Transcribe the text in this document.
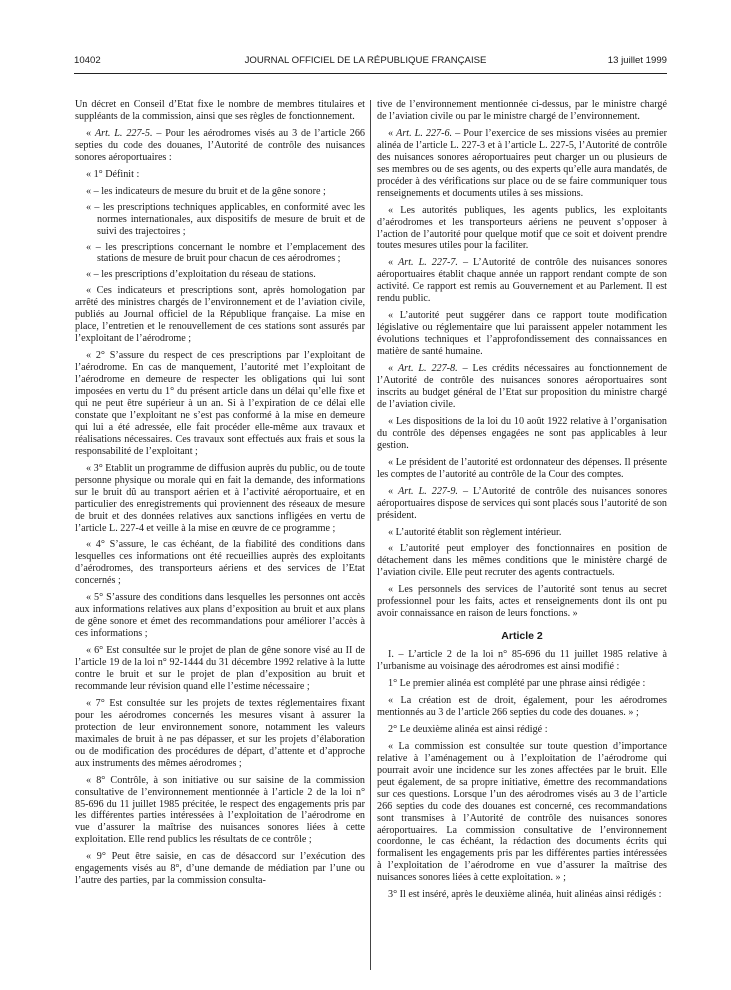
10402	JOURNAL OFFICIEL DE LA RÉPUBLIQUE FRANÇAISE	13 juillet 1999
Un décret en Conseil d’Etat fixe le nombre de membres titulaires et suppléants de la commission, ainsi que ses règles de fonctionnement.
« Art. L. 227-5. – Pour les aérodromes visés au 3 de l’article 266 septies du code des douanes, l’Autorité de contrôle des nuisances sonores aéroportuaires :
« 1° Définit :
« – les indicateurs de mesure du bruit et de la gêne sonore ;
« – les prescriptions techniques applicables, en conformité avec les normes internationales, aux dispositifs de mesure de bruit et de suivi des trajectoires ;
« – les prescriptions concernant le nombre et l’emplacement des stations de mesure de bruit pour chacun de ces aérodromes ;
« – les prescriptions d’exploitation du réseau de stations.
« Ces indicateurs et prescriptions sont, après homologation par arrêté des ministres chargés de l’environnement et de l’aviation civile, publiés au Journal officiel de la République française. La mise en place, l’entretien et le renouvellement de ces stations sont assurés par l’exploitant de l’aérodrome ;
« 2° S’assure du respect de ces prescriptions par l’exploitant de l’aérodrome. En cas de manquement, l’autorité met l’exploitant de l’aérodrome en demeure de respecter les obligations qui lui sont imposées en vertu du 1° du présent article dans un délai qu’elle fixe et qui ne peut être supérieur à un an. Si à l’expiration de ce délai elle constate que l’exploitant ne s’est pas conformé à la mise en demeure qui lui a été adressée, elle fait procéder elle-même aux travaux et réalisations nécessaires. Ces travaux sont effectués aux frais et sous la responsabilité de l’exploitant ;
« 3° Etablit un programme de diffusion auprès du public, ou de toute personne physique ou morale qui en fait la demande, des informations sur le bruit dû au transport aérien et à l’activité aéroportuaire, et en particulier des enregistrements qui proviennent des réseaux de mesure de bruit et des données relatives aux sanctions infligées en vertu de l’article L. 227-4 et veille à la mise en œuvre de ce programme ;
« 4° S’assure, le cas échéant, de la fiabilité des conditions dans lesquelles ces informations ont été recueillies auprès des exploitants d’aérodromes, des transporteurs aériens et des services de l’Etat concernés ;
« 5° S’assure des conditions dans lesquelles les personnes ont accès aux informations relatives aux plans d’exposition au bruit et aux plans de gêne sonore et émet des recommandations pour améliorer l’accès à ces informations ;
« 6° Est consultée sur le projet de plan de gêne sonore visé au II de l’article 19 de la loi n° 92-1444 du 31 décembre 1992 relative à la lutte contre le bruit et sur le projet de plan d’exposition au bruit et recommande leur révision quand elle l’estime nécessaire ;
« 7° Est consultée sur les projets de textes réglementaires fixant pour les aérodromes concernés les mesures visant à assurer la protection de leur environnement sonore, notamment les valeurs maximales de bruit à ne pas dépasser, et sur les projets d’élaboration ou de modification des procédures de départ, d’attente et d’approche aux instruments des mêmes aérodromes ;
« 8° Contrôle, à son initiative ou sur saisine de la commission consultative de l’environnement mentionnée à l’article 2 de la loi n° 85-696 du 11 juillet 1985 précitée, le respect des engagements pris par les différentes parties intéressées à l’exploitation de l’aérodrome en vue d’assurer la maîtrise des nuisances sonores liées à cette exploitation. Elle rend publics les résultats de ce contrôle ;
« 9° Peut être saisie, en cas de désaccord sur l’exécution des engagements visés au 8°, d’une demande de médiation par l’une ou l’autre des parties, par la commission consulta-
tive de l’environnement mentionnée ci-dessus, par le ministre chargé de l’aviation civile ou par le ministre chargé de l’environnement.
« Art. L. 227-6. – Pour l’exercice de ses missions visées au premier alinéa de l’article L. 227-3 et à l’article L. 227-5, l’Autorité de contrôle des nuisances sonores aéroportuaires peut charger un ou plusieurs de ses membres ou de ses agents, ou des experts qu’elle aura mandatés, de procéder à des vérifications sur place ou de se faire communiquer tous renseignements et documents utiles à ses missions.
« Les autorités publiques, les agents publics, les exploitants d’aérodromes et les transporteurs aériens ne peuvent s’opposer à l’action de l’autorité pour quelque motif que ce soit et doivent prendre toutes mesures utiles pour la faciliter.
« Art. L. 227-7. – L’Autorité de contrôle des nuisances sonores aéroportuaires établit chaque année un rapport rendant compte de son activité. Ce rapport est remis au Gouvernement et au Parlement. Il est rendu public.
« L’autorité peut suggérer dans ce rapport toute modification législative ou réglementaire que lui paraissent appeler notamment les évolutions techniques et l’approfondissement des connaissances en matière de santé humaine.
« Art. L. 227-8. – Les crédits nécessaires au fonctionnement de l’Autorité de contrôle des nuisances sonores aéroportuaires sont inscrits au budget général de l’Etat sur proposition du ministre chargé de l’aviation civile.
« Les dispositions de la loi du 10 août 1922 relative à l’organisation du contrôle des dépenses engagées ne sont pas applicables à leur gestion.
« Le président de l’autorité est ordonnateur des dépenses. Il présente les comptes de l’autorité au contrôle de la Cour des comptes.
« Art. L. 227-9. – L’Autorité de contrôle des nuisances sonores aéroportuaires dispose de services qui sont placés sous l’autorité de son président.
« L’autorité établit son règlement intérieur.
« L’autorité peut employer des fonctionnaires en position de détachement dans les mêmes conditions que le ministère chargé de l’aviation civile. Elle peut recruter des agents contractuels.
« Les personnels des services de l’autorité sont tenus au secret professionnel pour les faits, actes et renseignements dont ils ont pu avoir connaissance en raison de leurs fonctions. »
Article 2
I. – L’article 2 de la loi n° 85-696 du 11 juillet 1985 relative à l’urbanisme au voisinage des aérodromes est ainsi modifié :
1° Le premier alinéa est complété par une phrase ainsi rédigée :
« La création est de droit, également, pour les aérodromes mentionnés au 3 de l’article 266 septies du code des douanes. » ;
2° Le deuxième alinéa est ainsi rédigé :
« La commission est consultée sur toute question d’importance relative à l’aménagement ou à l’exploitation de l’aérodrome qui pourrait avoir une incidence sur les zones affectées par le bruit. Elle peut également, de sa propre initiative, émettre des recommandations sur ces questions. Lorsque l’un des aérodromes visés au 3 de l’article 266 septies du code des douanes est concerné, ces recommandations sont transmises à l’Autorité de contrôle des nuisances sonores aéroportuaires. La commission consultative de l’environnement coordonne, le cas échéant, la rédaction des documents écrits qui formalisent les engagements pris par les différentes parties intéressées à l’exploitation de l’aérodrome en vue d’assurer la maîtrise des nuisances sonores liées à cette exploitation. » ;
3° Il est inséré, après le deuxième alinéa, huit alinéas ainsi rédigés :
